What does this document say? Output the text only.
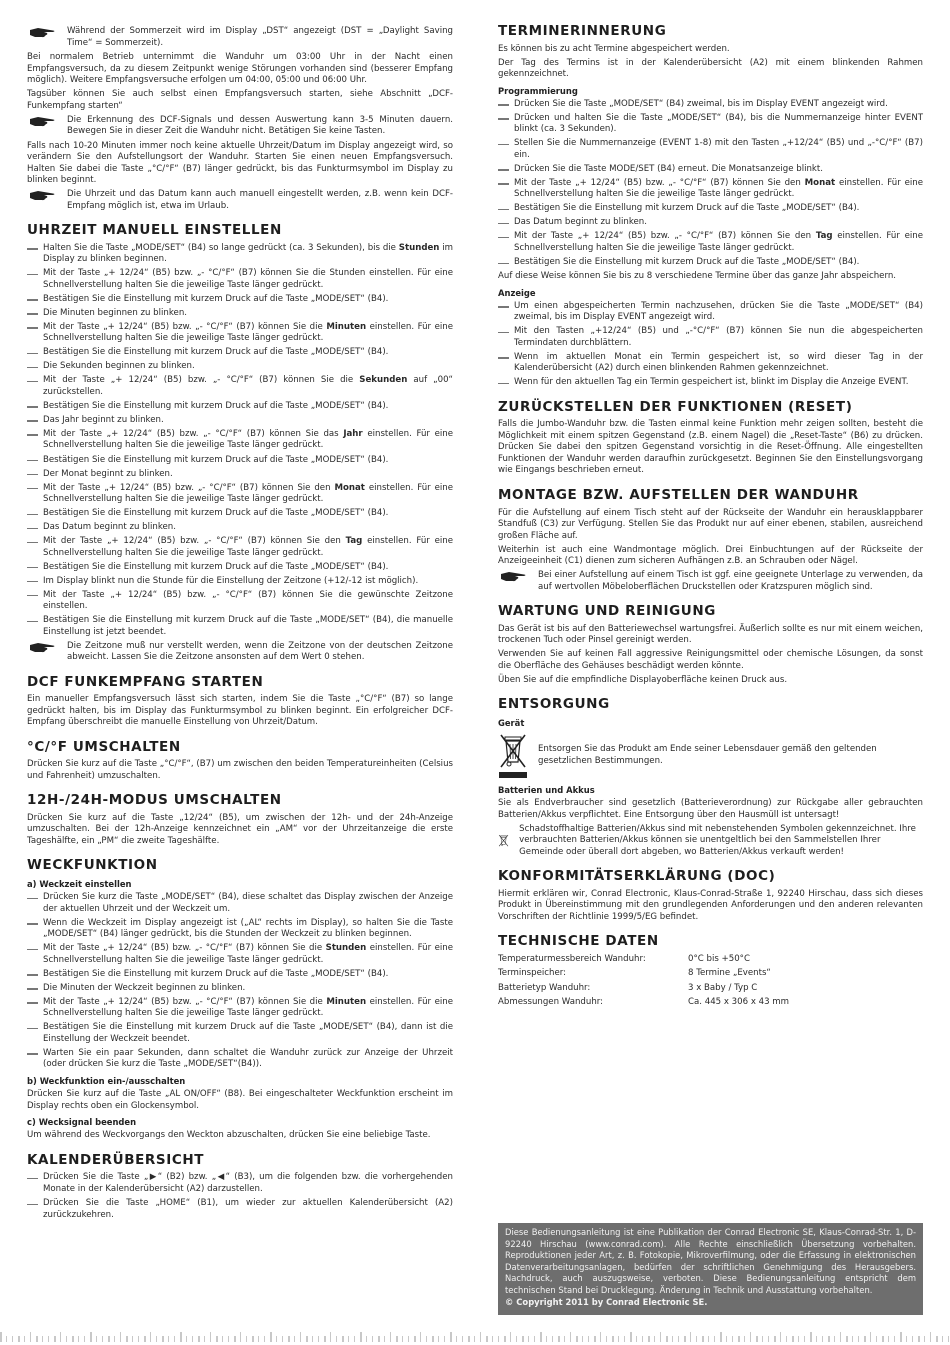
Während der Sommerzeit wird im Display „DST“ angezeigt (DST = „Daylight Saving Time“ = Sommerzeit).

Bei normalem Betrieb unternimmt die Wanduhr um 03:00 Uhr in der Nacht einen Empfangsversuch, da zu diesem Zeitpunkt wenige Störungen vorhanden sind (besserer Empfang möglich). Weitere Empfangsversuche erfolgen um 04:00, 05:00 und 06:00 Uhr.

Tagsüber können Sie auch selbst einen Empfangsversuch starten, siehe Abschnitt „DCF-Funkempfang starten“

Die Erkennung des DCF-Signals und dessen Auswertung kann 3-5 Minuten dauern. Bewegen Sie in dieser Zeit die Wanduhr nicht. Betätigen Sie keine Tasten.

Falls nach 10-20 Minuten immer noch keine aktuelle Uhrzeit/Datum im Display angezeigt wird, so verändern Sie den Aufstellungsort der Wanduhr. Starten Sie einen neuen Empfangsversuch. Halten Sie dabei die Taste „°C/°F“ (B7) länger gedrückt, bis das Funkturmsymbol im Display zu blinken beginnt.

Die Uhrzeit und das Datum kann auch manuell eingestellt werden, z.B. wenn kein DCF-Empfang möglich ist, etwa im Urlaub.
UHRZEIT MANUELL EINSTELLEN
Halten Sie die Taste „MODE/SET“ (B4) so lange gedrückt (ca. 3 Sekunden), bis die Stunden im Display zu blinken beginnen.
Mit der Taste „+ 12/24“ (B5) bzw. „- °C/°F“ (B7) können Sie die Stunden einstellen. Für eine Schnellverstellung halten Sie die jeweilige Taste länger gedrückt.
Bestätigen Sie die Einstellung mit kurzem Druck auf die Taste „MODE/SET“ (B4).
Die Minuten beginnen zu blinken.
Mit der Taste „+ 12/24“ (B5) bzw. „- °C/°F“ (B7) können Sie die Minuten einstellen. Für eine Schnellverstellung halten Sie die jeweilige Taste länger gedrückt.
Bestätigen Sie die Einstellung mit kurzem Druck auf die Taste „MODE/SET“ (B4).
Die Sekunden beginnen zu blinken.
Mit der Taste „+ 12/24“ (B5) bzw. „- °C/°F“ (B7) können Sie die Sekunden auf „00“ zurückstellen.
Bestätigen Sie die Einstellung mit kurzem Druck auf die Taste „MODE/SET“ (B4).
Das Jahr beginnt zu blinken.
Mit der Taste „+ 12/24“ (B5) bzw. „- °C/°F“ (B7) können Sie das Jahr einstellen. Für eine Schnellverstellung halten Sie die jeweilige Taste länger gedrückt.
Bestätigen Sie die Einstellung mit kurzem Druck auf die Taste „MODE/SET“ (B4).
Der Monat beginnt zu blinken.
Mit der Taste „+ 12/24“ (B5) bzw. „- °C/°F“ (B7) können Sie den Monat einstellen. Für eine Schnellverstellung halten Sie die jeweilige Taste länger gedrückt.
Bestätigen Sie die Einstellung mit kurzem Druck auf die Taste „MODE/SET“ (B4).
Das Datum beginnt zu blinken.
Mit der Taste „+ 12/24“ (B5) bzw. „- °C/°F“ (B7) können Sie den Tag einstellen. Für eine Schnellverstellung halten Sie die jeweilige Taste länger gedrückt.
Bestätigen Sie die Einstellung mit kurzem Druck auf die Taste „MODE/SET“ (B4).
Im Display blinkt nun die Stunde für die Einstellung der Zeitzone (+12/-12 ist möglich).
Mit der Taste „+ 12/24“ (B5) bzw. „- °C/°F“ (B7) können Sie die gewünschte Zeitzone einstellen.
Bestätigen Sie die Einstellung mit kurzem Druck auf die Taste „MODE/SET“ (B4), die manuelle Einstellung ist jetzt beendet.
Die Zeitzone muß nur verstellt werden, wenn die Zeitzone von der deutschen Zeitzone abweicht. Lassen Sie die Zeitzone ansonsten auf dem Wert 0 stehen.
DCF FUNKEMPFANG STARTEN

Ein manueller Empfangsversuch lässt sich starten, indem Sie die Taste „°C/°F“ (B7) so lange gedrückt halten, bis im Display das Funkturmsymbol zu blinken beginnt. Ein erfolgreicher DCF-Empfang überschreibt die manuelle Einstellung von Uhrzeit/Datum.

°C/°F UMSCHALTEN

Drücken Sie kurz auf die Taste „°C/°F“, (B7) um zwischen den beiden Temperatureinheiten (Celsius und Fahrenheit) umzuschalten.

12H-/24H-MODUS UMSCHALTEN

Drücken Sie kurz auf die Taste „12/24“ (B5), um zwischen der 12h- und der 24h-Anzeige umzuschalten. Bei der 12h-Anzeige kennzeichnet ein „AM“ vor der Uhrzeitanzeige die erste Tageshälfte, ein „PM“ die zweite Tageshälfte.

WECKFUNKTION
a) Weckzeit einstellen
Drücken Sie kurz die Taste „MODE/SET“ (B4), diese schaltet das Display zwischen der Anzeige der aktuellen Uhrzeit und der Weckzeit um.
Wenn die Weckzeit im Display angezeigt ist („AL“ rechts im Display), so halten Sie die Taste „MODE/SET“ (B4) länger gedrückt, bis die Stunden der Weckzeit zu blinken beginnen.
Mit der Taste „+ 12/24“ (B5) bzw. „- °C/°F“ (B7) können Sie die Stunden einstellen. Für eine Schnellverstellung halten Sie die jeweilige Taste länger gedrückt.
Bestätigen Sie die Einstellung mit kurzem Druck auf die Taste „MODE/SET“ (B4).
Die Minuten der Weckzeit beginnen zu blinken.
Mit der Taste „+ 12/24“ (B5) bzw. „- °C/°F“ (B7) können Sie die Minuten einstellen. Für eine Schnellverstellung halten Sie die jeweilige Taste länger gedrückt.
Bestätigen Sie die Einstellung mit kurzem Druck auf die Taste „MODE/SET“ (B4), dann ist die Einstellung der Weckzeit beendet.
Warten Sie ein paar Sekunden, dann schaltet die Wanduhr zurück zur Anzeige der Uhrzeit (oder drücken Sie kurz die Taste „MODE/SET“(B4)).
b) Weckfunktion ein-/ausschalten

Drücken Sie kurz auf die Taste „AL ON/OFF“ (B8). Bei eingeschalteter Weckfunktion erscheint im Display rechts oben ein Glockensymbol.

c) Wecksignal beenden

Um während des Weckvorgangs den Weckton abzuschalten, drücken Sie eine beliebige Taste.

KALENDERÜBERSICHT
Drücken Sie die Taste „▶“ (B2) bzw. „◀“ (B3), um die folgenden bzw. die vorhergehenden Monate in der Kalenderübersicht (A2) darzustellen.
Drücken Sie die Taste „HOME“ (B1), um wieder zur aktuellen Kalenderübersicht (A2) zurückzukehren.
TERMINERINNERUNG

Es können bis zu acht Termine abgespeichert werden.

Der Tag des Termins ist in der Kalenderübersicht (A2) mit einem blinkenden Rahmen gekennzeichnet.

Programmierung
Drücken Sie die Taste „MODE/SET“ (B4) zweimal, bis im Display EVENT angezeigt wird.
Drücken und halten Sie die Taste „MODE/SET“ (B4), bis die Nummernanzeige hinter EVENT blinkt (ca. 3 Sekunden).
Stellen Sie die Nummernanzeige (EVENT 1-8) mit den Tasten „+12/24“ (B5) und „-°C/°F“ (B7) ein.
Drücken Sie die Taste MODE/SET (B4) erneut. Die Monatsanzeige blinkt.
Mit der Taste „+ 12/24“ (B5) bzw. „- °C/°F“ (B7) können Sie den Monat einstellen. Für eine Schnellverstellung halten Sie die jeweilige Taste länger gedrückt.
Bestätigen Sie die Einstellung mit kurzem Druck auf die Taste „MODE/SET“ (B4).
Das Datum beginnt zu blinken.
Mit der Taste „+ 12/24“ (B5) bzw. „- °C/°F“ (B7) können Sie den Tag einstellen. Für eine Schnellverstellung halten Sie die jeweilige Taste länger gedrückt.
Bestätigen Sie die Einstellung mit kurzem Druck auf die Taste „MODE/SET“ (B4).

Auf diese Weise können Sie bis zu 8 verschiedene Termine über das ganze Jahr abspeichern.

Anzeige
Um einen abgespeicherten Termin nachzusehen, drücken Sie die Taste „MODE/SET“ (B4) zweimal, bis im Display EVENT angezeigt wird.
Mit den Tasten „+12/24“ (B5) und „-°C/°F“ (B7) können Sie nun die abgespeicherten Termindaten durchblättern.
Wenn im aktuellen Monat ein Termin gespeichert ist, so wird dieser Tag in der Kalenderübersicht (A2) durch einen blinkenden Rahmen gekennzeichnet.
Wenn für den aktuellen Tag ein Termin gespeichert ist, blinkt im Display die Anzeige EVENT.
ZURÜCKSTELLEN DER FUNKTIONEN (RESET)

Falls die Jumbo-Wanduhr bzw. die Tasten einmal keine Funktion mehr zeigen sollten, besteht die Möglichkeit mit einem spitzen Gegenstand (z.B. einem Nagel) die „Reset-Taste“ (B6) zu drücken. Drücken Sie dabei den spitzen Gegenstand vorsichtig in die Reset-Öffnung. Alle eingestellten Funktionen der Wanduhr werden daraufhin zurückgesetzt. Beginnen Sie den Einstellungsvorgang wie Eingangs beschrieben erneut.

MONTAGE BZW. AUFSTELLEN DER WANDUHR

Für die Aufstellung auf einem Tisch steht auf der Rückseite der Wanduhr ein herausklappbarer Standfuß (C3) zur Verfügung. Stellen Sie das Produkt nur auf einer ebenen, stabilen, ausreichend großen Fläche auf.

Weiterhin ist auch eine Wandmontage möglich. Drei Einbuchtungen auf der Rückseite der Anzeigeeinheit (C1) dienen zum sicheren Aufhängen z.B. an Schrauben oder Nägel.

Bei einer Aufstellung auf einem Tisch ist ggf. eine geeignete Unterlage zu verwenden, da auf wertvollen Möbeloberflächen Druckstellen oder Kratzspuren möglich sind.
WARTUNG UND REINIGUNG

Das Gerät ist bis auf den Batteriewechsel wartungsfrei. Äußerlich sollte es nur mit einem weichen, trockenen Tuch oder Pinsel gereinigt werden.

Verwenden Sie auf keinen Fall aggressive Reinigungsmittel oder chemische Lösungen, da sonst die Oberfläche des Gehäuses beschädigt werden könnte.

Üben Sie auf die empfindliche Displayoberfläche keinen Druck aus.

ENTSORGUNG
Gerät
Entsorgen Sie das Produkt am Ende seiner Lebensdauer gemäß den geltenden gesetzlichen Bestimmungen.
Batterien und Akkus

Sie als Endverbraucher sind gesetzlich (Batterieverordnung) zur Rückgabe aller gebrauchten Batterien/Akkus verpflichtet. Eine Entsorgung über den Hausmüll ist untersagt!

Schadstoffhaltige Batterien/Akkus sind mit nebenstehenden Symbolen gekennzeichnet. Ihre verbrauchten Batterien/Akkus können sie unentgeltlich bei den Sammelstellen Ihrer Gemeinde oder überall dort abgeben, wo Batterien/Akkus verkauft werden!
KONFORMITÄTSERKLÄRUNG (DOC)

Hiermit erklären wir, Conrad Electronic, Klaus-Conrad-Straße 1, 92240 Hirschau, dass sich dieses Produkt in Übereinstimmung mit den grundlegenden Anforderungen und den anderen relevanten Vorschriften der Richtlinie 1999/5/EG befindet.

TECHNISCHE DATEN
Temperaturmessbereich Wanduhr:	0°C bis +50°C
Terminspeicher:	8 Termine „Events“
Batterietyp Wanduhr:	3 x Baby / Typ C
Abmessungen Wanduhr:	Ca. 445 x 306 x 43 mm
Diese Bedienungsanleitung ist eine Publikation der Conrad Electronic SE, Klaus-Conrad-Str. 1, D-92240 Hirschau (www.conrad.com). Alle Rechte einschließlich Übersetzung vorbehalten. Reproduktionen jeder Art, z. B. Fotokopie, Mikroverfilmung, oder die Erfassung in elektronischen Datenverarbeitungsanlagen, bedürfen der schriftlichen Genehmigung des Herausgebers. Nachdruck, auch auszugsweise, verboten. Diese Bedienungsanleitung entspricht dem technischen Stand bei Drucklegung. Änderung in Technik und Ausstattung vorbehalten.
© Copyright 2011 by Conrad Electronic SE.
